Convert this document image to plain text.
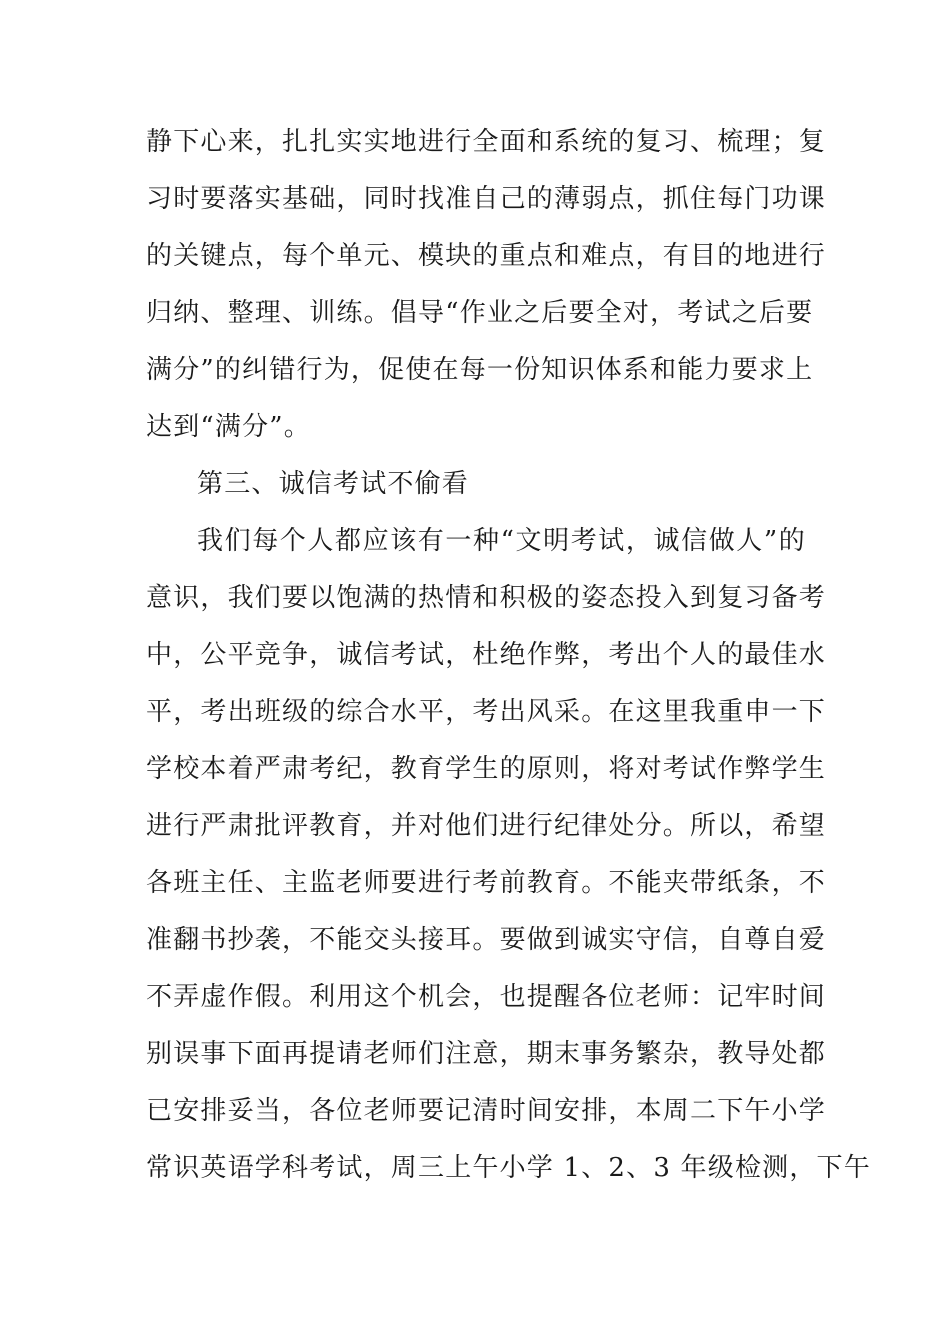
静下心来，扎扎实实地进行全面和系统的复习、梳理；复
习时要落实基础，同时找准自己的薄弱点，抓住每门功课
的关键点，每个单元、模块的重点和难点，有目的地进行
归纳、整理、训练。倡导“作业之后要全对，考试之后要
满分”的纠错行为，促使在每一份知识体系和能力要求上
达到“满分”。
第三、诚信考试不偷看
我们每个人都应该有一种“文明考试，诚信做人”的
意识，我们要以饱满的热情和积极的姿态投入到复习备考
中，公平竞争，诚信考试，杜绝作弊，考出个人的最佳水
平，考出班级的综合水平，考出风采。在这里我重申一下
学校本着严肃考纪，教育学生的原则，将对考试作弊学生
进行严肃批评教育，并对他们进行纪律处分。所以，希望
各班主任、主监老师要进行考前教育。不能夹带纸条，不
准翻书抄袭，不能交头接耳。要做到诚实守信，自尊自爱
不弄虚作假。利用这个机会，也提醒各位老师：记牢时间
别误事下面再提请老师们注意，期末事务繁杂，教导处都
已安排妥当，各位老师要记清时间安排，本周二下午小学
常识英语学科考试，周三上午小学 1、2、3 年级检测，下午
